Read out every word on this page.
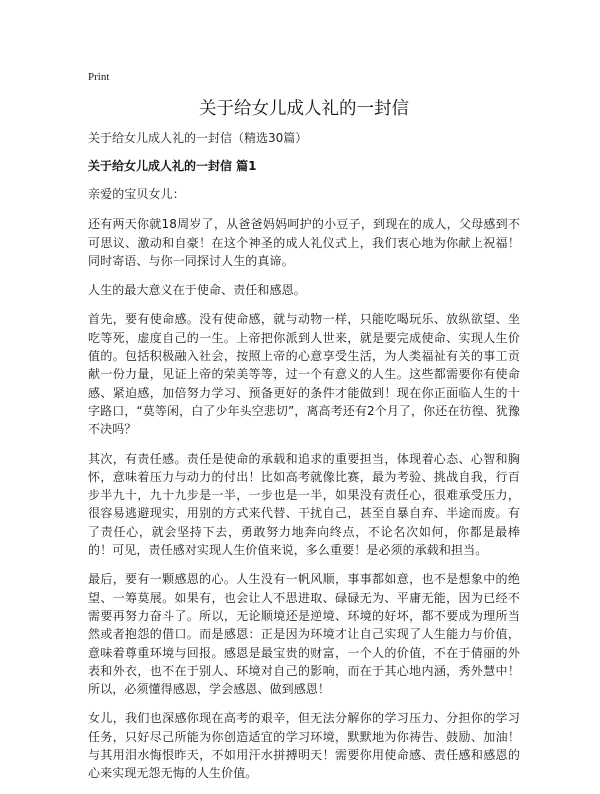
Print
关于给女儿成人礼的一封信
关于给女儿成人礼的一封信（精选30篇）
关于给女儿成人礼的一封信 篇1

亲爱的宝贝女儿：

还有两天你就18周岁了，从爸爸妈妈呵护的小豆子，到现在的成人，父母感到不可思议、激动和自豪！在这个神圣的成人礼仪式上，我们衷心地为你献上祝福！同时寄语、与你一同探讨人生的真谛。

人生的最大意义在于使命、责任和感恩。

首先，要有使命感。没有使命感，就与动物一样，只能吃喝玩乐、放纵欲望、坐吃等死，虚度自己的一生。上帝把你派到人世来，就是要完成使命、实现人生价值的。包括积极融入社会，按照上帝的心意享受生活，为人类福祉有关的事工贡献一份力量，见证上帝的荣美等等，过一个有意义的人生。这些都需要你有使命感、紧迫感，加倍努力学习、预备更好的条件才能做到！现在你正面临人生的十字路口，“莫等闲，白了少年头空悲切”，离高考还有2个月了，你还在彷徨、犹豫不决吗？

其次，有责任感。责任是使命的承载和追求的重要担当，体现着心态、心智和胸怀，意味着压力与动力的付出！比如高考就像比赛，最为考验、挑战自我，行百步半九十，九十九步是一半，一步也是一半，如果没有责任心，很难承受压力，很容易逃避现实，用别的方式来代替、干扰自己，甚至自暴自弃、半途而废。有了责任心，就会坚持下去，勇敢努力地奔向终点，不论名次如何，你都是最棒的！可见，责任感对实现人生价值来说，多么重要！是必须的承载和担当。

最后，要有一颗感恩的心。人生没有一帆风顺，事事都如意，也不是想象中的绝望、一筹莫展。如果有，也会让人不思进取、碌碌无为、平庸无能，因为已经不需要再努力奋斗了。所以，无论顺境还是逆境、环境的好坏，都不要成为理所当然或者抱怨的借口。而是感恩：正是因为环境才让自己实现了人生能力与价值，意味着尊重环境与回报。感恩是最宝贵的财富，一个人的价值，不在于倩丽的外表和外衣，也不在于别人、环境对自己的影响，而在于其心地内涵，秀外慧中！所以，必须懂得感恩，学会感恩、做到感恩！

女儿，我们也深感你现在高考的艰辛，但无法分解你的学习压力、分担你的学习任务，只好尽己所能为你创造适宜的学习环境，默默地为你祷告、鼓励、加油！与其用泪水悔恨昨天，不如用汗水拼搏明天！需要你用使命感、责任感和感恩的心来实现无怨无悔的人生价值。
